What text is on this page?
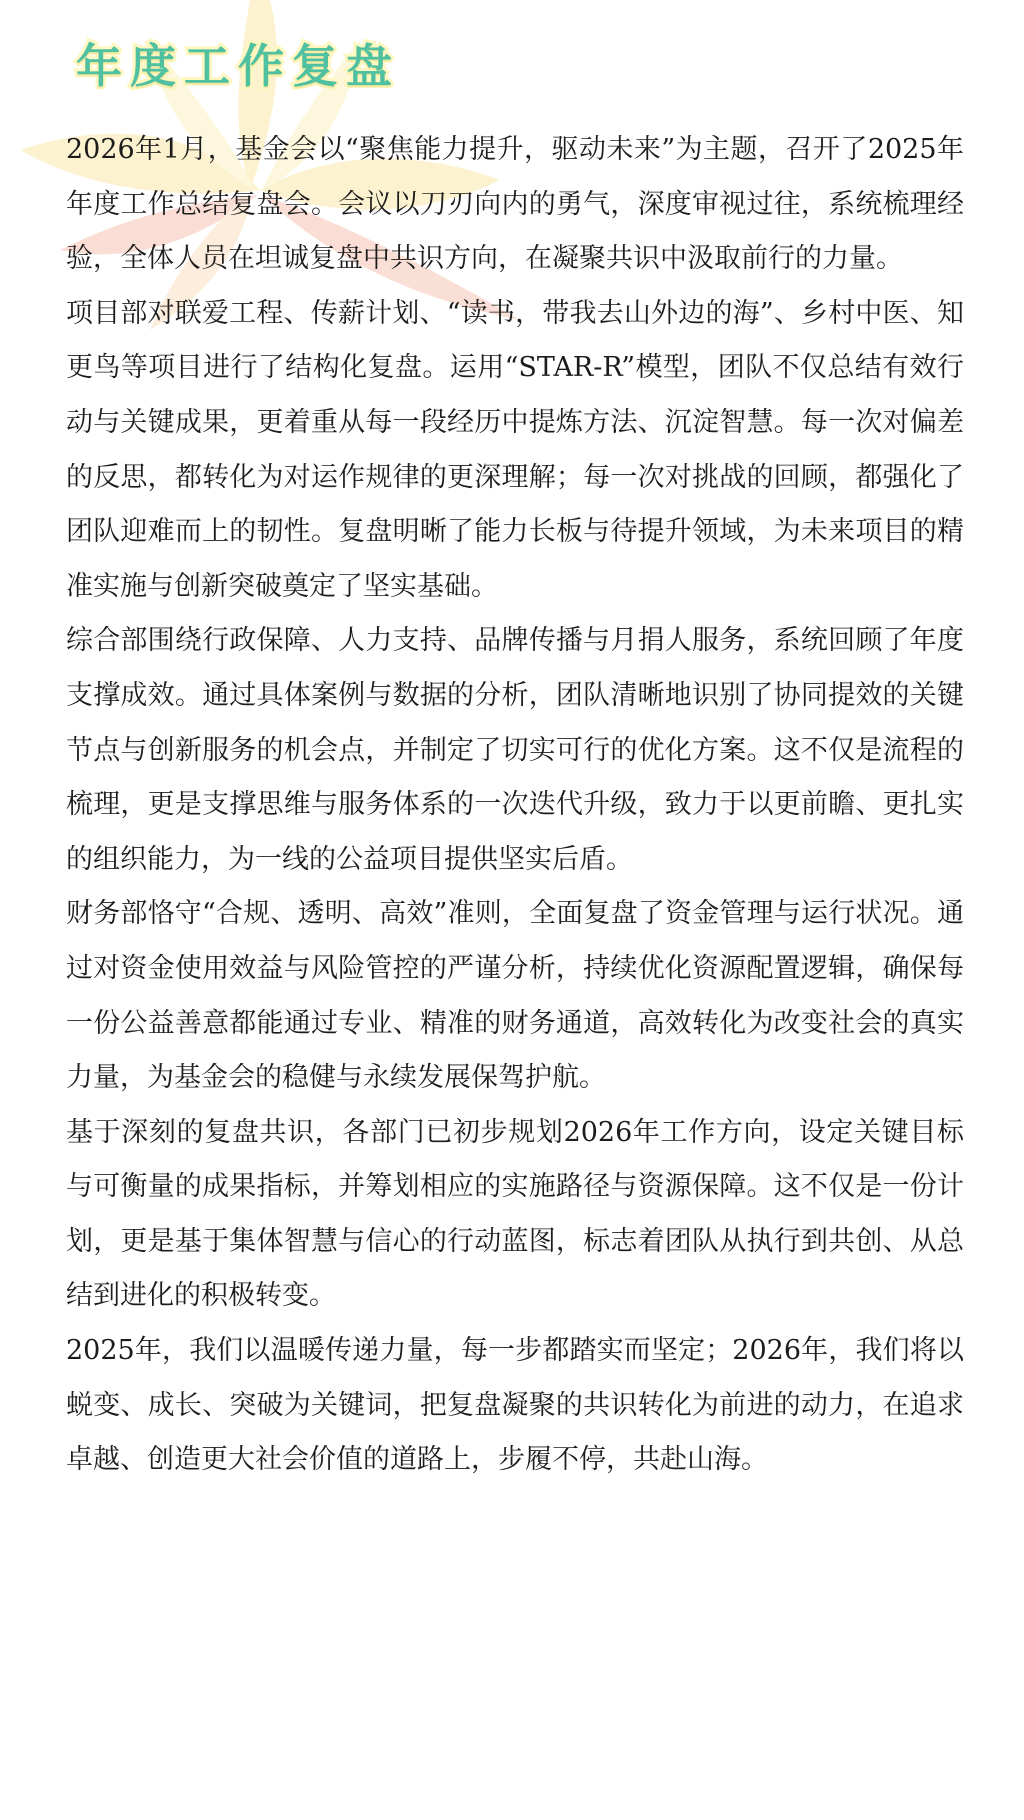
年度工作复盘

2026年1月，基金会以“聚焦能力提升，驱动未来”为主题，召开了2025年年度工作总结复盘会。会议以刀刃向内的勇气，深度审视过往，系统梳理经验，全体人员在坦诚复盘中共识方向，在凝聚共识中汲取前行的力量。

项目部对联爱工程、传薪计划、“读书，带我去山外边的海”、乡村中医、知更鸟等项目进行了结构化复盘。运用“STAR-R”模型，团队不仅总结有效行动与关键成果，更着重从每一段经历中提炼方法、沉淀智慧。每一次对偏差的反思，都转化为对运作规律的更深理解；每一次对挑战的回顾，都强化了团队迎难而上的韧性。复盘明晰了能力长板与待提升领域，为未来项目的精准实施与创新突破奠定了坚实基础。

综合部围绕行政保障、人力支持、品牌传播与月捐人服务，系统回顾了年度支撑成效。通过具体案例与数据的分析，团队清晰地识别了协同提效的关键节点与创新服务的机会点，并制定了切实可行的优化方案。这不仅是流程的梳理，更是支撑思维与服务体系的一次迭代升级，致力于以更前瞻、更扎实的组织能力，为一线的公益项目提供坚实后盾。

财务部恪守“合规、透明、高效”准则，全面复盘了资金管理与运行状况。通过对资金使用效益与风险管控的严谨分析，持续优化资源配置逻辑，确保每一份公益善意都能通过专业、精准的财务通道，高效转化为改变社会的真实力量，为基金会的稳健与永续发展保驾护航。

基于深刻的复盘共识，各部门已初步规划2026年工作方向，设定关键目标与可衡量的成果指标，并筹划相应的实施路径与资源保障。这不仅是一份计划，更是基于集体智慧与信心的行动蓝图，标志着团队从执行到共创、从总结到进化的积极转变。

2025年，我们以温暖传递力量，每一步都踏实而坚定；2026年，我们将以蜕变、成长、突破为关键词，把复盘凝聚的共识转化为前进的动力，在追求卓越、创造更大社会价值的道路上，步履不停，共赴山海。
